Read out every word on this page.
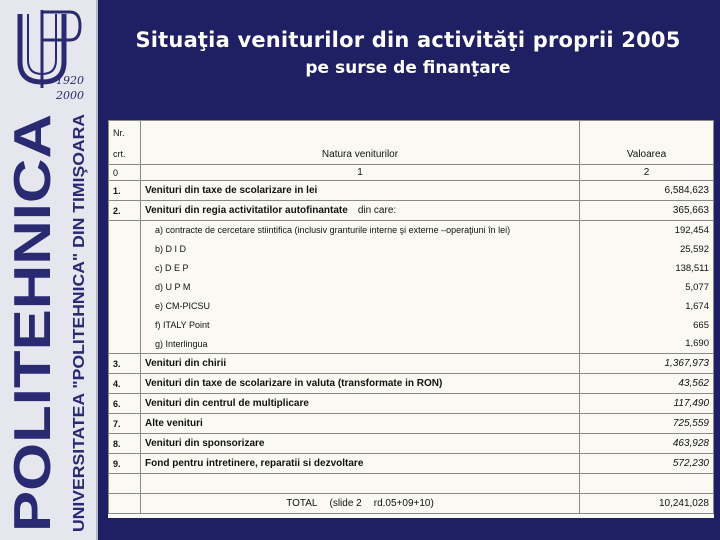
1920
2000
POLITEHNICA UNIVERSITATEA "POLITEHNICA" DIN TIMIŞOARA
Situaţia veniturilor din activităţi proprii 2005
pe surse de finanţare
Nr.		
crt.	Natura veniturilor	Valoarea
0	1	2
1.	Venituri din taxe de scolarizare in lei	6,584,623
2.	Venituri din regia activitatilor autofinantate din care:	365,663
	a) contracte de cercetare stiintifica (inclusiv granturile interne şi externe –operaţiuni în lei)	192,454
	b) D I D	25,592
	c) D E P	138,511
	d) U P M	5,077
	e) CM-PICSU	1,674
	f) ITALY Point	665
	g) Interlingua	1,690
3.	Venituri din chirii	1,367,973
4.	Venituri din taxe de scolarizare in valuta (transformate in RON)	43,562
6.	Venituri din centrul de multiplicare	117,490
7.	Alte venituri	725,559
8.	Venituri din sponsorizare	463,928
9.	Fond pentru intretinere, reparatii si dezvoltare	572,230

	TOTAL (slide 2 rd.05+09+10)	10,241,028
